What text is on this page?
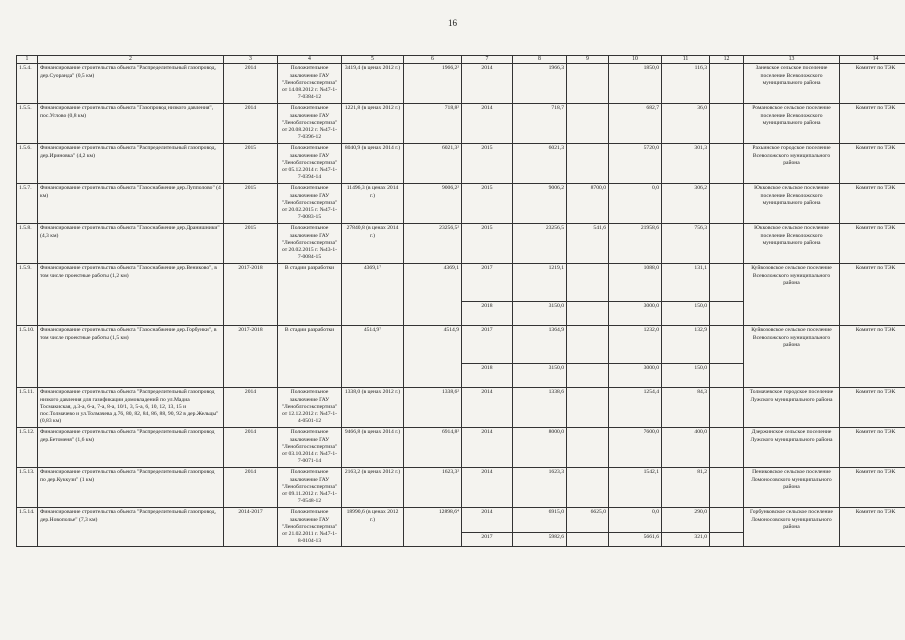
16
1	2	3	4	5	6	7	8	9	10	11	12	13	14
1.5.4.	Финансирование строительства объекта "Распределительный газопровод, дер.Суоранда" (0,5 км)	2014	Положительное заключение ГАУ "Леноблгосэкспертиза" от 14.08.2012 г. №47-1-7-0384-12	3419,4 (в ценах 2012 г.)	1966,2²	2014	1966,3		1850,0	116,3		Заневское сельское поселение поселение Всеволожского муниципального района	Комитет по ТЭК
1.5.5.	Финансирование строительства объекта "Газопровод низкого давления", пос.Углово (0,8 км)	2014	Положительное заключение ГАУ "Леноблгосэкспертиза" от 20.08.2012 г. №47-1-7-0396-12	1221,8 (в ценах 2012 г.)	718,8²	2014	718,7		682,7	36,0		Романовское сельское поселение поселение Всеволожского муниципального района	Комитет по ТЭК
1.5.6.	Финансирование строительства объекта "Распределительный газопровод, дер.Ириновка" (4,2 км)	2015	Положительное заключение ГАУ "Леноблгосэкспертиза" от 05.12.2014 г. №47-1-7-0394-14	8040,9 (в ценах 2014 г.)	6021,3²	2015	6021,3		5720,0	301,3		Рахьинское городское поселение Всеволожского муниципального района	Комитет по ТЭК
1.5.7.	Финансирование строительства объекта "Газоснабжение дер.Лупполово" (4 км)	2015	Положительное заключение ГАУ "Леноблгосэкспертиза" от 20.02.2015 г. №47-1-7-0083-15	11496,3 (в ценах 2014 г.)	9006,2²	2015	9006,2	8700,0	0,0	306,2		Юкковское сельское поселение поселение Всеволожского муниципального района	Комитет по ТЭК
1.5.8.	Финансирование строительства объекта "Газоснабжение дер.Дранишники" (4,3 км)	2015	Положительное заключение ГАУ "Леноблгосэкспертиза" от 20.02.2015 г. №43-1-7-0084-15	27840,8 (в ценах 2014 г.)	23256,5²	2015	23256,5	541,6	21958,6	756,3		Юкковское сельское поселение поселение Всеволожского муниципального района	Комитет по ТЭК
1.5.9.	Финансирование строительства объекта "Газоснабжение дер.Вениково", в том числе проектные работы (1,2 км)	2017-2018	В стадии разработки	4369,1⁷	4369,1	2017	1219,1		1088,0	131,1		Куйвозовское сельское поселение Всеволожского муниципального района	Комитет по ТЭК
						2018	3150,0		3000,0	150,0			
1.5.10.	Финансирование строительства объекта "Газоснабжение дер.Горбунки", в том числе проектные работы (1,5 км)	2017-2018	В стадии разработки	4514,9⁷	4514,9	2017	1364,9		1232,0	132,9		Куйвозовское сельское поселение Всеволожского муниципального района	Комитет по ТЭК
						2018	3150,0		3000,0	150,0			
1.5.11.	Финансирование строительства объекта "Распределительный газопровод низкого давления для газификации домовладений по ул.Мадиа Тосмакиская, д.3-а, 6-а, 7-а, 8-а, 10/1, 3, 5-а, 6, 10, 12, 13, 15 и пос.Толмачево и ул.Толмачева д.76, 80, 82, 84, 86, 88, 90, 92 в дер.Жельцы" (0,83 км)	2014	Положительное заключение ГАУ "Леноблгосэкспертиза" от 12.12.2012 г. №47-1-4-0501-12	1338,0 (в ценах 2012 г.)	1338,6²	2014	1338,6		1254,4	84,3		Толмачевское городское поселение Лужского муниципального района	Комитет по ТЭК
1.5.12.	Финансирование строительства объекта "Распределительный газопровод дер.Бетоменя" (1,6 км)	2014	Положительное заключение ГАУ "Леноблгосэкспертиза" от 03.10.2014 г. №47-1-7-0071-14	9466,8 (в ценах 2014 г.)	6914,8²	2014	8000,0		7600,0	400,0		Дзержинское сельское поселение Лужского муниципального района	Комитет по ТЭК
1.5.13.	Финансирование строительства объекта "Распределительный газопровод по дер.Куккузи" (1 км)	2014	Положительное заключение ГАУ "Леноблгосэкспертиза" от 09.11.2012 г. №47-1-7-0548-12	2163,2 (в ценах 2012 г.)	1623,3²	2014	1623,3		1542,1	81,2		Пениковское сельское поселение Ломоносовского муниципального района	Комитет по ТЭК
1.5.14.	Финансирование строительства объекта "Распределительный газопровод, дер.Новополье" (7,3 км)	2014-2017	Положительное заключение ГАУ "Леноблгосэкспертиза" от 21.02.2011 г. №47-1-8-0104-13	18990,6 (в ценах 2012 г.)	12898,6⁴	2014	6915,0	6625,0	0,0	290,0		Горбунковское сельское поселение Ломоносовского муниципального района	Комитет по ТЭК
						2017	5982,6		5661,6	321,0			
